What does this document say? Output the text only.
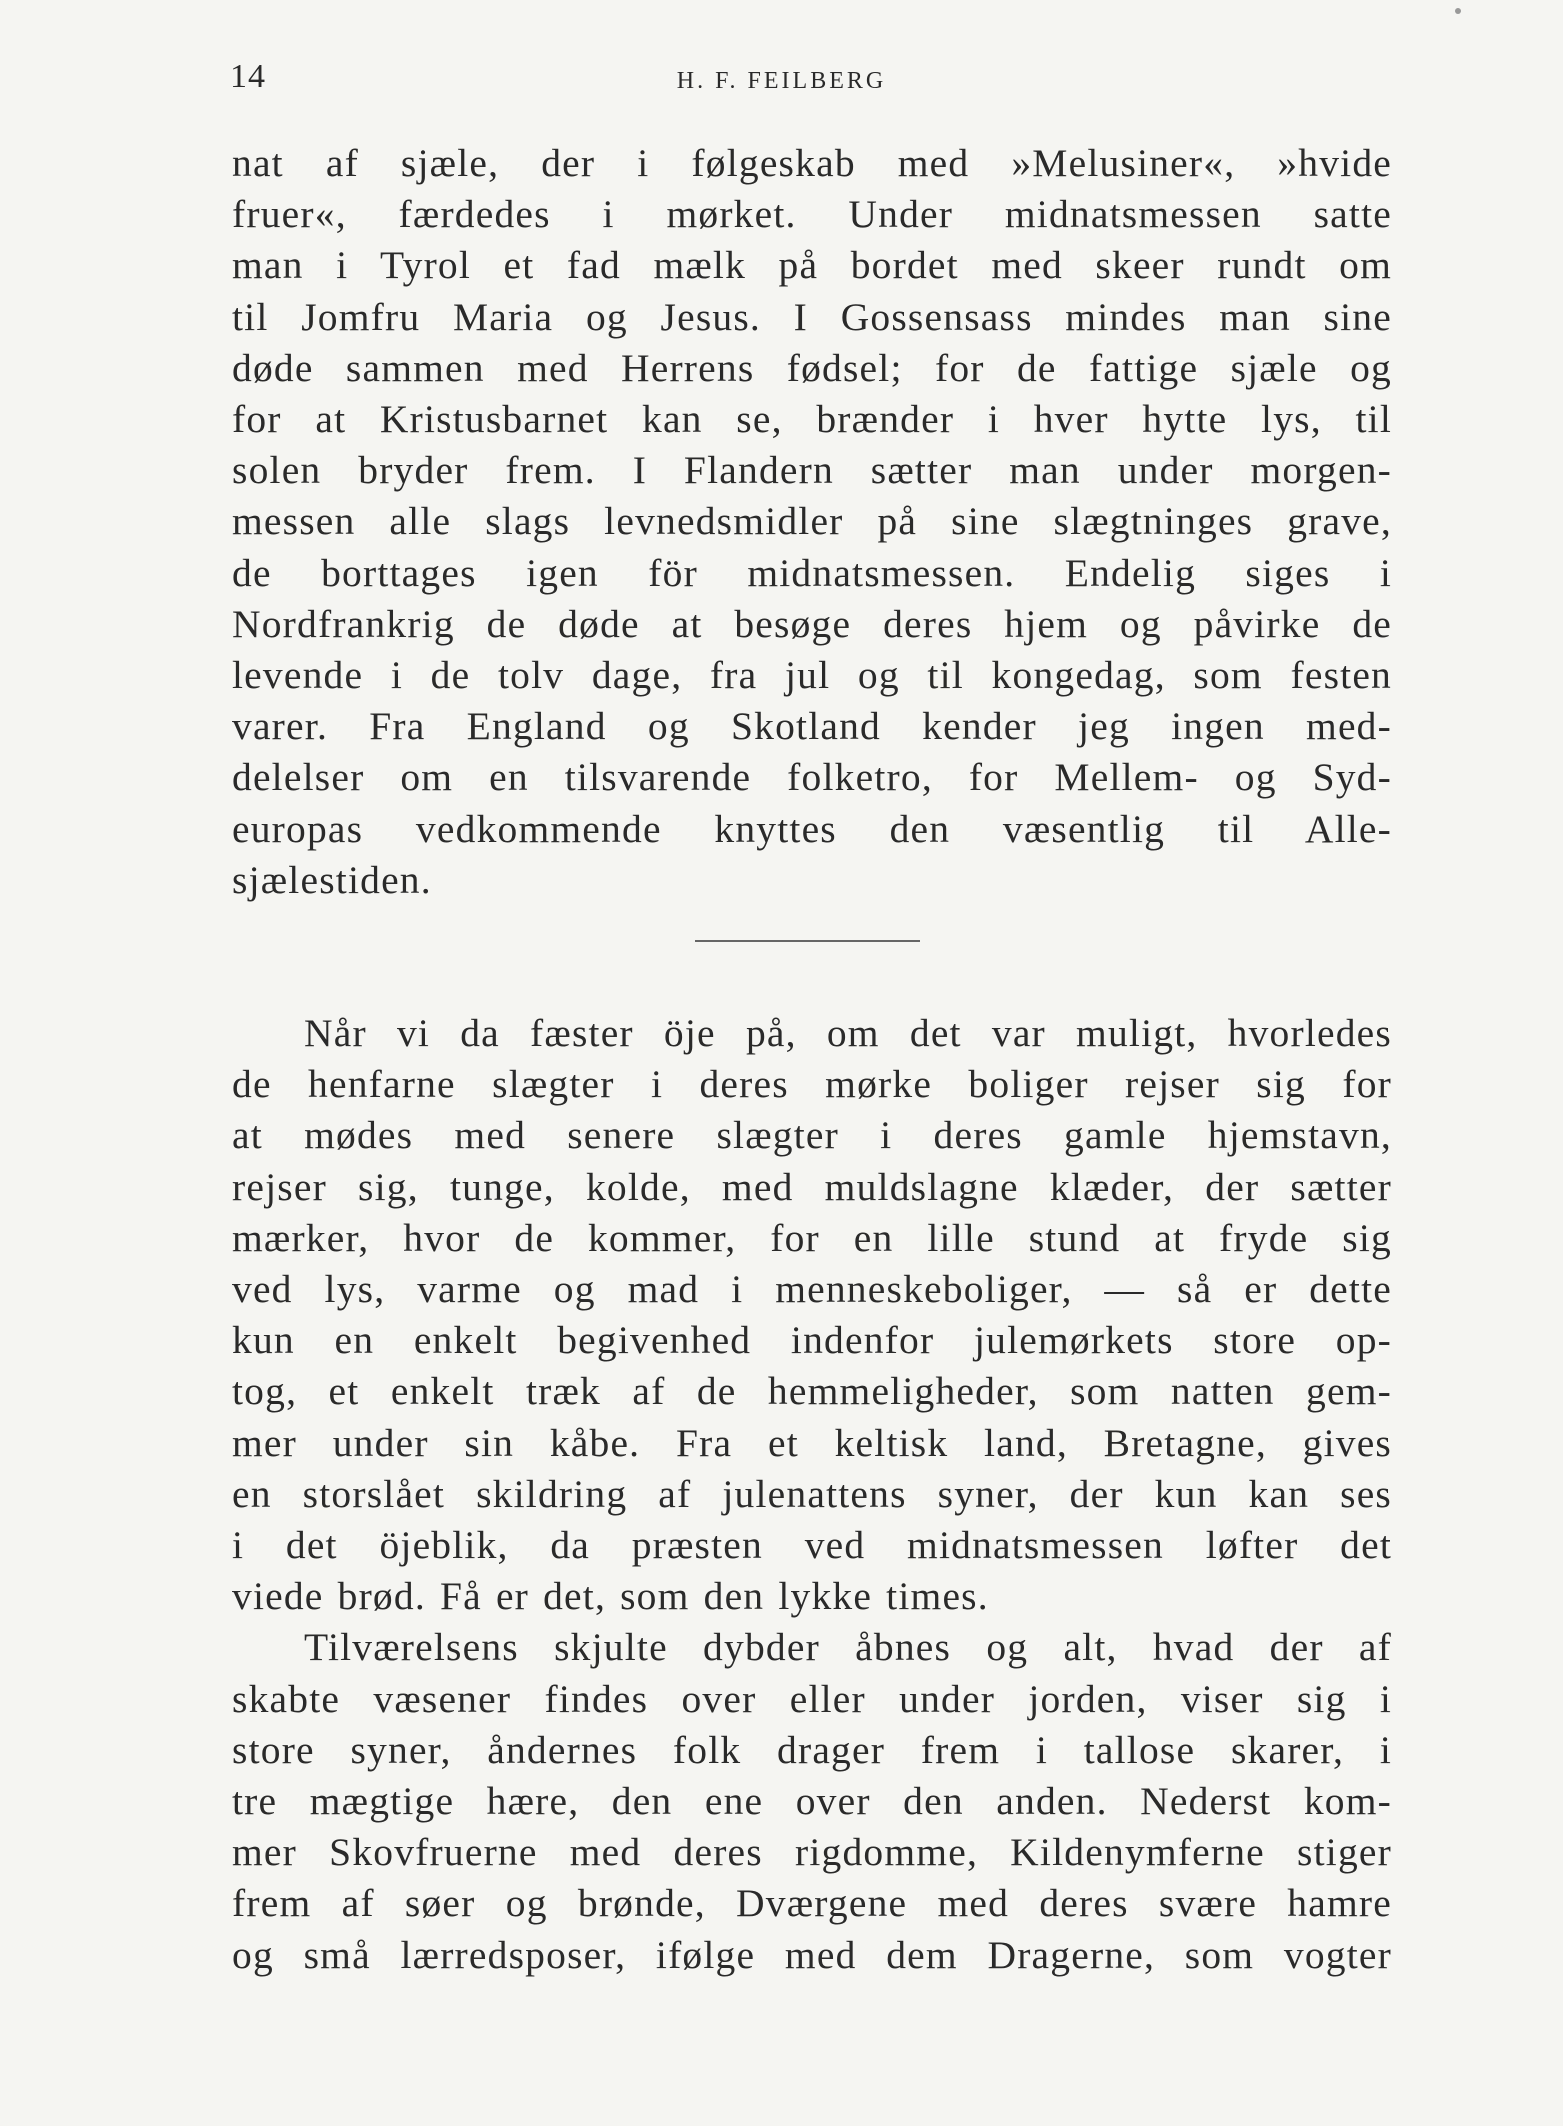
14	H. F. FEILBERG
nat af sjæle, der i følgeskab med »Melusiner«, »hvide
fruer«, færdedes i mørket. Under midnatsmessen satte
man i Tyrol et fad mælk på bordet med skeer rundt om
til Jomfru Maria og Jesus. I Gossensass mindes man sine
døde sammen med Herrens fødsel; for de fattige sjæle og
for at Kristusbarnet kan se, brænder i hver hytte lys, til
solen bryder frem. I Flandern sætter man under morgen-
messen alle slags levnedsmidler på sine slægtninges grave,
de borttages igen för midnatsmessen. Endelig siges i
Nordfrankrig de døde at besøge deres hjem og påvirke de
levende i de tolv dage, fra jul og til kongedag, som festen
varer. Fra England og Skotland kender jeg ingen med-
delelser om en tilsvarende folketro, for Mellem- og Syd-
europas vedkommende knyttes den væsentlig til Alle-
sjælestiden.
Når vi da fæster öje på, om det var muligt, hvorledes
de henfarne slægter i deres mørke boliger rejser sig for
at mødes med senere slægter i deres gamle hjemstavn,
rejser sig, tunge, kolde, med muldslagne klæder, der sætter
mærker, hvor de kommer, for en lille stund at fryde sig
ved lys, varme og mad i menneskeboliger, — så er dette
kun en enkelt begivenhed indenfor julemørkets store op-
tog, et enkelt træk af de hemmeligheder, som natten gem-
mer under sin kåbe. Fra et keltisk land, Bretagne, gives
en storslået skildring af julenattens syner, der kun kan ses
i det öjeblik, da præsten ved midnatsmessen løfter det
viede brød. Få er det, som den lykke times.
Tilværelsens skjulte dybder åbnes og alt, hvad der af
skabte væsener findes over eller under jorden, viser sig i
store syner, åndernes folk drager frem i tallose skarer, i
tre mægtige hære, den ene over den anden. Nederst kom-
mer Skovfruerne med deres rigdomme, Kildenymferne stiger
frem af søer og brønde, Dværgene med deres svære hamre
og små lærredsposer, ifølge med dem Dragerne, som vogter
